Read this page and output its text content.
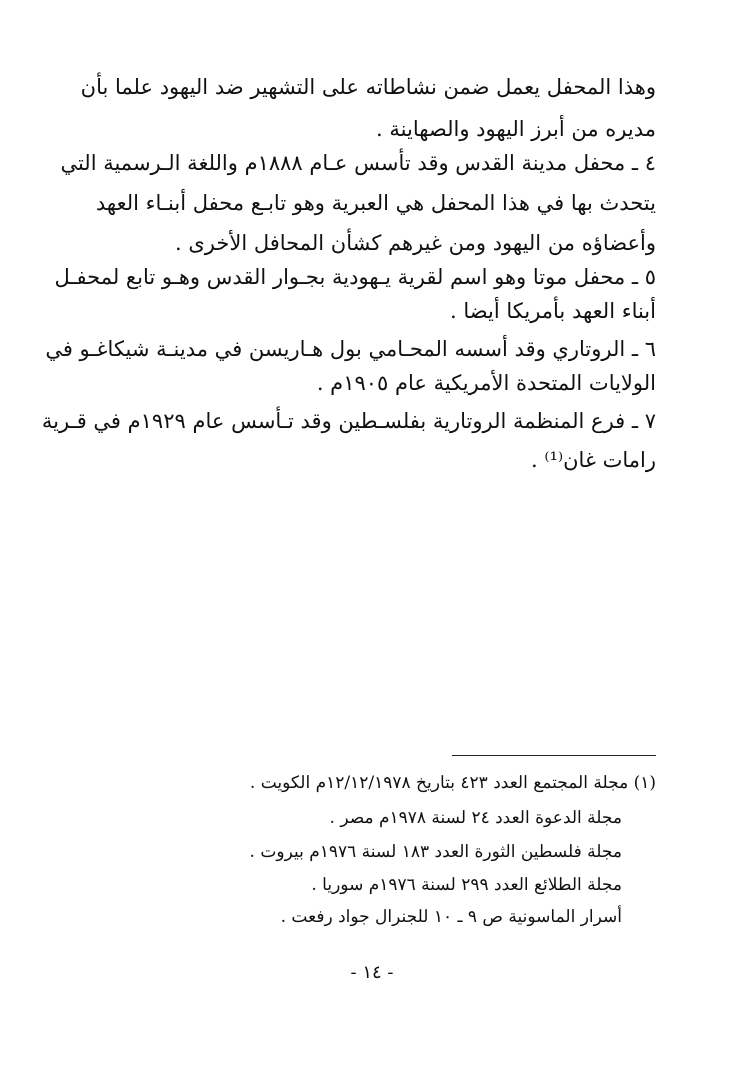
وهذا المحفل يعمل ضمن نشاطاته على التشهير ضد اليهود علما بأن
مديره من أبرز اليهود والصهاينة .
٤ ـ محفل مدينة القدس وقد تأسس عـام ١٨٨٨م واللغة الـرسمية التي
يتحدث بها في هذا المحفل هي العبرية وهو تابـع محفل أبنـاء العهد
وأعضاؤه من اليهود ومن غيرهم كشأن المحافل الأخرى .
٥ ـ محفل موتا وهو اسم لقرية يـهودية بجـوار القدس وهـو تابع لمحفـل
أبناء العهد بأمريكا أيضا .
٦ ـ الروتاري وقد أسسه المحـامي بول هـاريسن في مدينـة شيكاغـو في
الولايات المتحدة الأمريكية عام ١٩٠٥م .
٧ ـ فرع المنظمة الروتارية بفلسـطين وقد تـأسس عام ١٩٢٩م في قـرية
رامات غان⁽¹⁾ .
(١) مجلة المجتمع العدد ٤٢٣ بتاريخ ١٢/١٢/١٩٧٨م الكويت .
مجلة الدعوة العدد ٢٤ لسنة ١٩٧٨م مصر .
مجلة فلسطين الثورة العدد ١٨٣ لسنة ١٩٧٦م بيروت .
مجلة الطلائع العدد ٢٩٩ لسنة ١٩٧٦م سوريا .
أسرار الماسونية ص ٩ ـ ١٠ للجنرال جواد رفعت .
- ١٤ -
